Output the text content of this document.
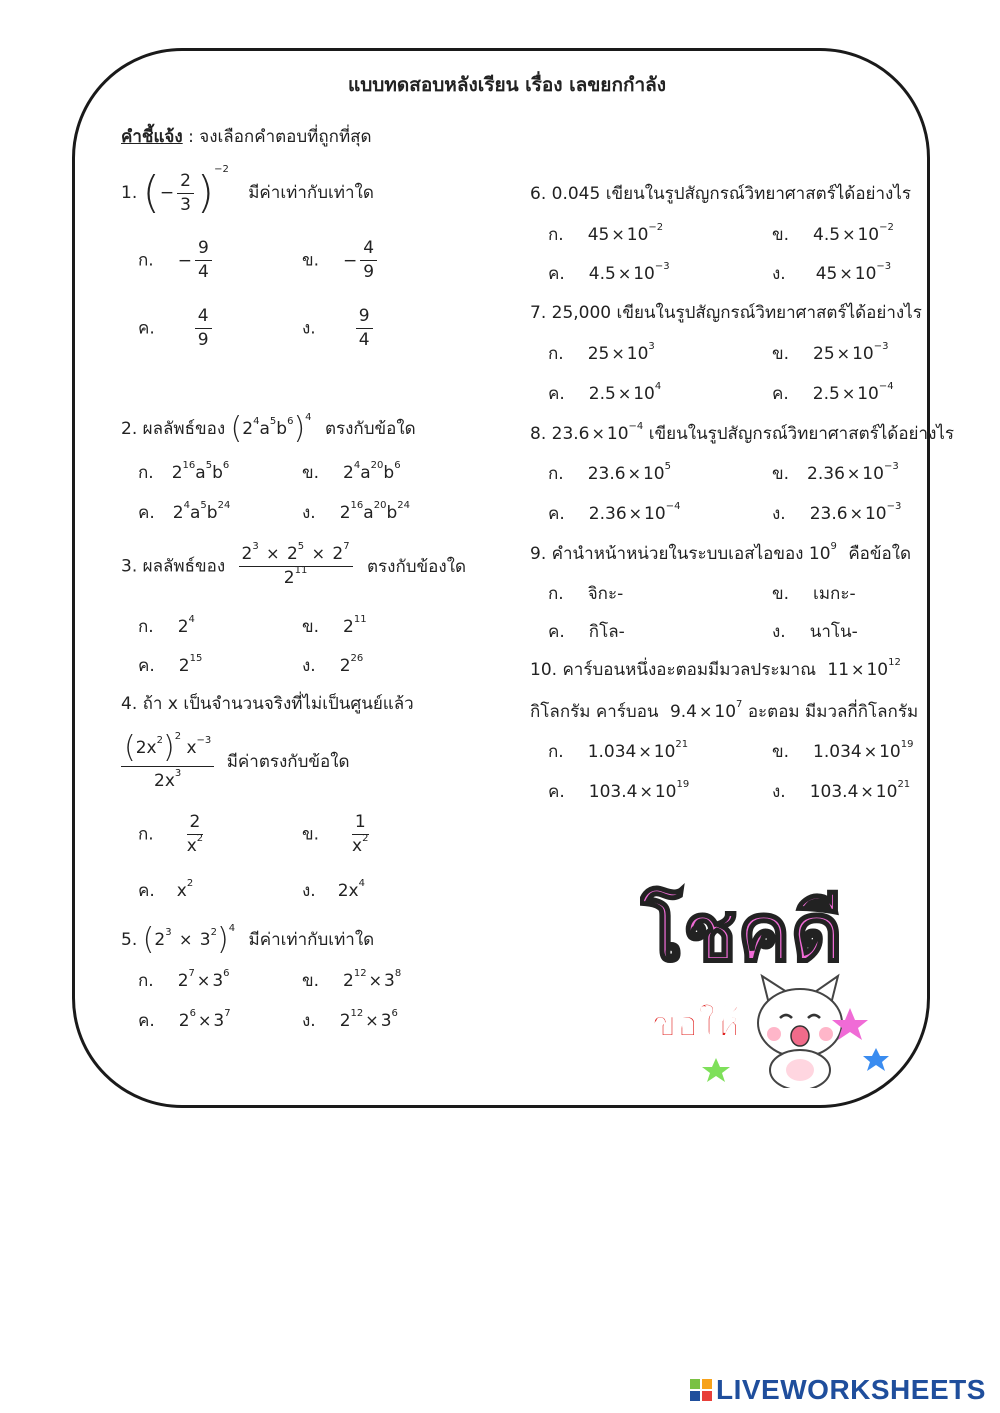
แบบทดสอบหลังเรียน เรื่อง เลขยกกำลัง
คำชี้แจ้ง : จงเลือกคำตอบที่ถูกที่สุด
1. (− $\frac{2}{3} )^{-2}$ มีค่าเท่ากับเท่าใด
ก. − $\frac{9}{4}$	ข. − $\frac{4}{9}$
ค. $\frac{4}{9}$	ง. $\frac{9}{4}$
2. ผลลัพธ์ของ $(2^4a^5b^6)^4$ ตรงกับข้อใด
ก. $2^{16}a^5b^6$	ข. $2^4a^{20}b^6$
ค. $2^4a^5b^{24}$	ง. $2^{16}a^{20}b^{24}$
3. ผลลัพธ์ของ $\frac{2^3 \times 2^5 \times 2^7}{2^{11}}$ ตรงกับข้องใด
ก. $2^4$	ข. $2^{11}$
ค. $2^{15}$	ง. $2^{26}$
4. ถ้า x เป็นจำนวนจริงที่ไม่เป็นศูนย์แล้ว
$\frac{(2x^2)^2 x^{-3}}{2x^3}$ มีค่าตรงกับข้อใด
ก. $\frac{2}{x^2}$	ข. $\frac{1}{x^2}$
ค. $x^2$	ง. $2x^4$
5. $(2^3 \times 3^2)^4$ มีค่าเท่ากับเท่าใด
ก. $2^7 \times 3^6$	ข. $2^{12} \times 3^8$
ค. $2^6 \times 3^7$	ง. $2^{12} \times 3^6$
6. 0.045 เขียนในรูปสัญกรณ์วิทยาศาสตร์ได้อย่างไร
ก. $45 \times 10^{-2}$	ข. $4.5 \times 10^{-2}$
ค. $4.5 \times 10^{-3}$	ง. $45 \times 10^{-3}$
7. 25,000 เขียนในรูปสัญกรณ์วิทยาศาสตร์ได้อย่างไร
ก. $25 \times 10^3$	ข. $25 \times 10^{-3}$
ค. $2.5 \times 10^4$	ค. $2.5 \times 10^{-4}$
8. $23.6 \times 10^{-4}$ เขียนในรูปสัญกรณ์วิทยาศาสตร์ได้อย่างไร
ก. $23.6 \times 10^5$	ข. $2.36 \times 10^{-3}$
ค. $2.36 \times 10^{-4}$	ง. $23.6 \times 10^{-3}$
9. คำนำหน้าหน่วยในระบบเอสไอของ $10^9$ คือข้อใด
ก. จิกะ-	ข. เมกะ-
ค. กิโล-	ง. นาโน-
10. คาร์บอนหนึ่งอะตอมมีมวลประมาณ $11 \times 10^{12}$
กิโลกรัม คาร์บอน $9.4 \times 10^7$ อะตอม มีมวลกี่กิโลกรัม
ก. $1.034 \times 10^{21}$	ข. $1.034 \times 10^{19}$
ค. $103.4 \times 10^{19}$	ง. $103.4 \times 10^{21}$
โชคดี
ขอให้
LIVEWORKSHEETS
